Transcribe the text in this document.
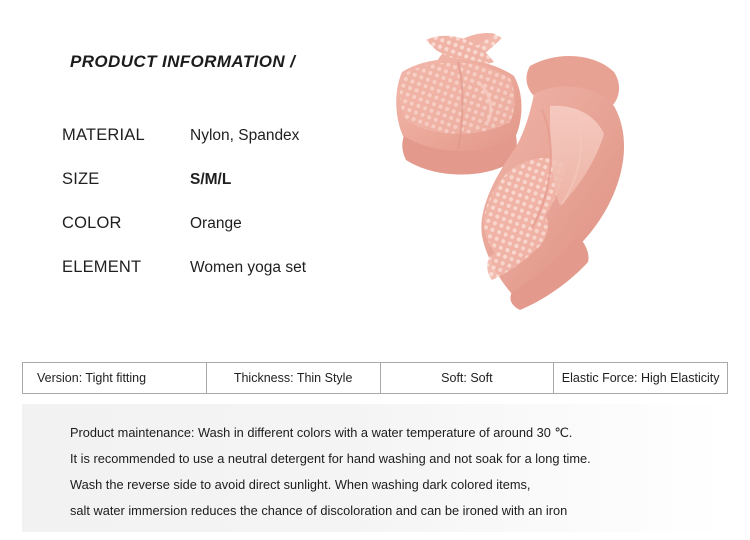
PRODUCT INFORMATION /
MATERIAL	Nylon, Spandex
SIZE	S/M/L
COLOR	Orange
ELEMENT	Women yoga set
Version: Tight fitting	Thickness: Thin Style	Soft: Soft	Elastic Force: High Elasticity
Product maintenance: Wash in different colors with a water temperature of around 30 ℃.
It is recommended to use a neutral detergent for hand washing and not soak for a long time.
Wash the reverse side to avoid direct sunlight. When washing dark colored items,
salt water immersion reduces the chance of discoloration and can be ironed with an iron
